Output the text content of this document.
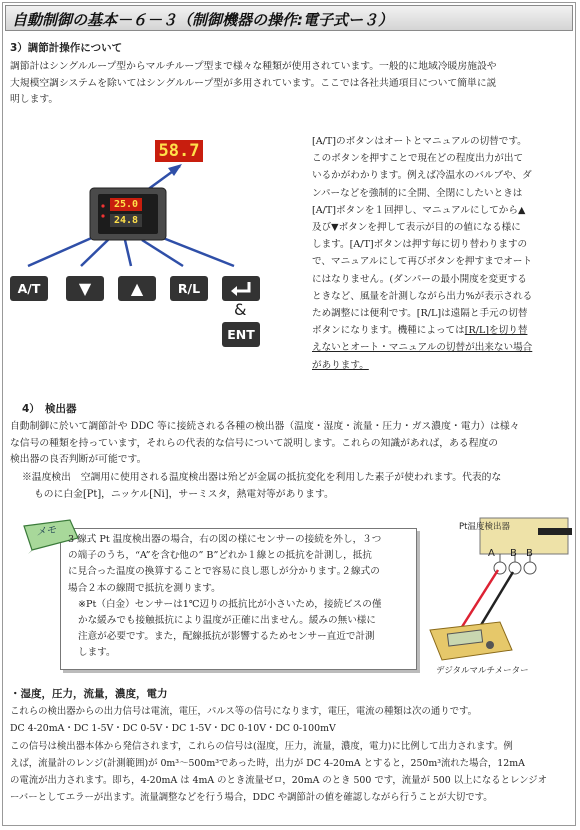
自動制御の基本－６－３（制御機器の操作:電子式ー３）
3）調節計操作について

調節計はシングルループ型からマルチループ型まで様々な種類が使用されています。一般的に地域冷暖房施設や

大規模空調システムを除いてはシングルループ型が多用されています。ここでは各社共通項目について簡単に説

明します。

58.7
25.0
24.8
A/T	▼	▲	R/L
&
ENT

[A/T]のボタンはオートとマニュアルの切替です。

このボタンを押すことで現在どの程度出力が出て

いるかがわかります。例えば冷温水のバルブや、ダ

ンパーなどを強制的に全開、全閉にしたいときは

[A/T]ボタンを１回押し、マニュアルにしてから▲

及び▼ボタンを押して表示が目的の値になる様に

します。[A/T]ボタンは押す毎に切り替わりますの

で、マニュアルにして再びボタンを押すまでオート

にはなりません。(ダンパーの最小開度を変更する

ときなど、風量を計測しながら出力%が表示される

ため調整には便利です。[R/L]は遠隔と手元の切替

ボタンになります。機種によっては[R/L]を切り替

えないとオート・マニュアルの切替が出来ない場合

があります。

4）　検出器

自動制御に於いて調節計や DDC 等に接続される各種の検出器（温度・湿度・流量・圧力・ガス濃度・電力）は様々

な信号の種類を持っています，それらの代表的な信号について説明します。これらの知識があれば，ある程度の

検出器の良否判断が可能です。

※温度検出　空調用に使用される温度検出器は殆どが金属の抵抗変化を利用した素子が使われます。代表的な

ものに白金[Pt]，ニッケル[Ni]，サーミスタ，熱電対等があります。

メモ

3 線式 Pt 温度検出器の場合，右の図の様にセンサーの接続を外し，３つ

の端子のうち，“A”を含む他の” B”どれか１線との抵抗を計測し，抵抗

に見合った温度の換算することで容易に良し悪しが分かります｡２線式の

場合２本の線間で抵抗を測ります。

※Pt（白金）センサーは1℃辺りの抵抗比が小さいため，接続ビスの僅

かな緩みでも接触抵抗により温度が正確に出ません。緩みの無い様に

注意が必要です。また，配線抵抗が影響するためセンサー直近で計測

します。

Pt温度検出器
A B B
デジタルマルチメーター
・湿度，圧力，流量，濃度，電力

これらの検出器からの出力信号は電流，電圧，パルス等の信号になります，電圧，電流の種類は次の通りです。

DC 4-20mA・DC 1-5V・DC 0-5V・DC 1-5V・DC 0-10V・DC 0-100mV

この信号は検出器本体から発信されます，これらの信号は(湿度，圧力，流量，濃度，電力)に比例して出力されます。例

えば，流量計のレンジ(計測範囲)が 0m³～500m³であった時，出力が DC 4-20mA とすると，250m³流れた場合，12mA

の電流が出力されます。即ち，4-20mA は 4mA のとき流量ゼロ，20mA のとき 500 です，流量が 500 以上になるとレンジオ

ーバーとしてエラーが出ます。流量調整などを行う場合，DDC や調節計の値を確認しながら行うことが大切です。
